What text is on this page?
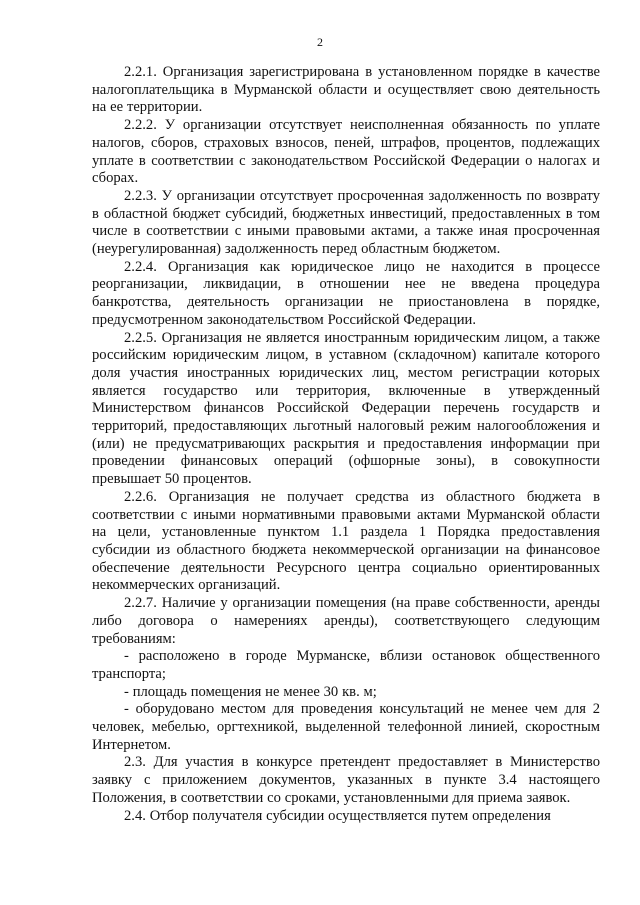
2

2.2.1. Организация зарегистрирована в установленном порядке в качестве налогоплательщика в Мурманской области и осуществляет свою деятельность на ее территории.

2.2.2. У организации отсутствует неисполненная обязанность по уплате налогов, сборов, страховых взносов, пеней, штрафов, процентов, подлежащих уплате в соответствии с законодательством Российской Федерации о налогах и сборах.

2.2.3. У организации отсутствует просроченная задолженность по возврату в областной бюджет субсидий, бюджетных инвестиций, предоставленных в том числе в соответствии с иными правовыми актами, а также иная просроченная (неурегулированная) задолженность перед областным бюджетом.

2.2.4. Организация как юридическое лицо не находится в процессе реорганизации, ликвидации, в отношении нее не введена процедура банкротства, деятельность организации не приостановлена в порядке, предусмотренном законодательством Российской Федерации.

2.2.5. Организация не является иностранным юридическим лицом, а также российским юридическим лицом, в уставном (складочном) капитале которого доля участия иностранных юридических лиц, местом регистрации которых является государство или территория, включенные в утвержденный Министерством финансов Российской Федерации перечень государств и территорий, предоставляющих льготный налоговый режим налогообложения и (или) не предусматривающих раскрытия и предоставления информации при проведении финансовых операций (офшорные зоны), в совокупности превышает 50 процентов.

2.2.6. Организация не получает средства из областного бюджета в соответствии с иными нормативными правовыми актами Мурманской области на цели, установленные пунктом 1.1 раздела 1 Порядка предоставления субсидии из областного бюджета некоммерческой организации на финансовое обеспечение деятельности Ресурсного центра социально ориентированных некоммерческих организаций.

2.2.7. Наличие у организации помещения (на праве собственности, аренды либо договора о намерениях аренды), соответствующего следующим требованиям:

- расположено в городе Мурманске, вблизи остановок общественного транспорта;

- площадь помещения не менее 30 кв. м;

- оборудовано местом для проведения консультаций не менее чем для 2 человек, мебелью, оргтехникой, выделенной телефонной линией, скоростным Интернетом.

2.3. Для участия в конкурсе претендент предоставляет в Министерство заявку с приложением документов, указанных в пункте 3.4 настоящего Положения, в соответствии со сроками, установленными для приема заявок.

2.4. Отбор получателя субсидии осуществляется путем определения
